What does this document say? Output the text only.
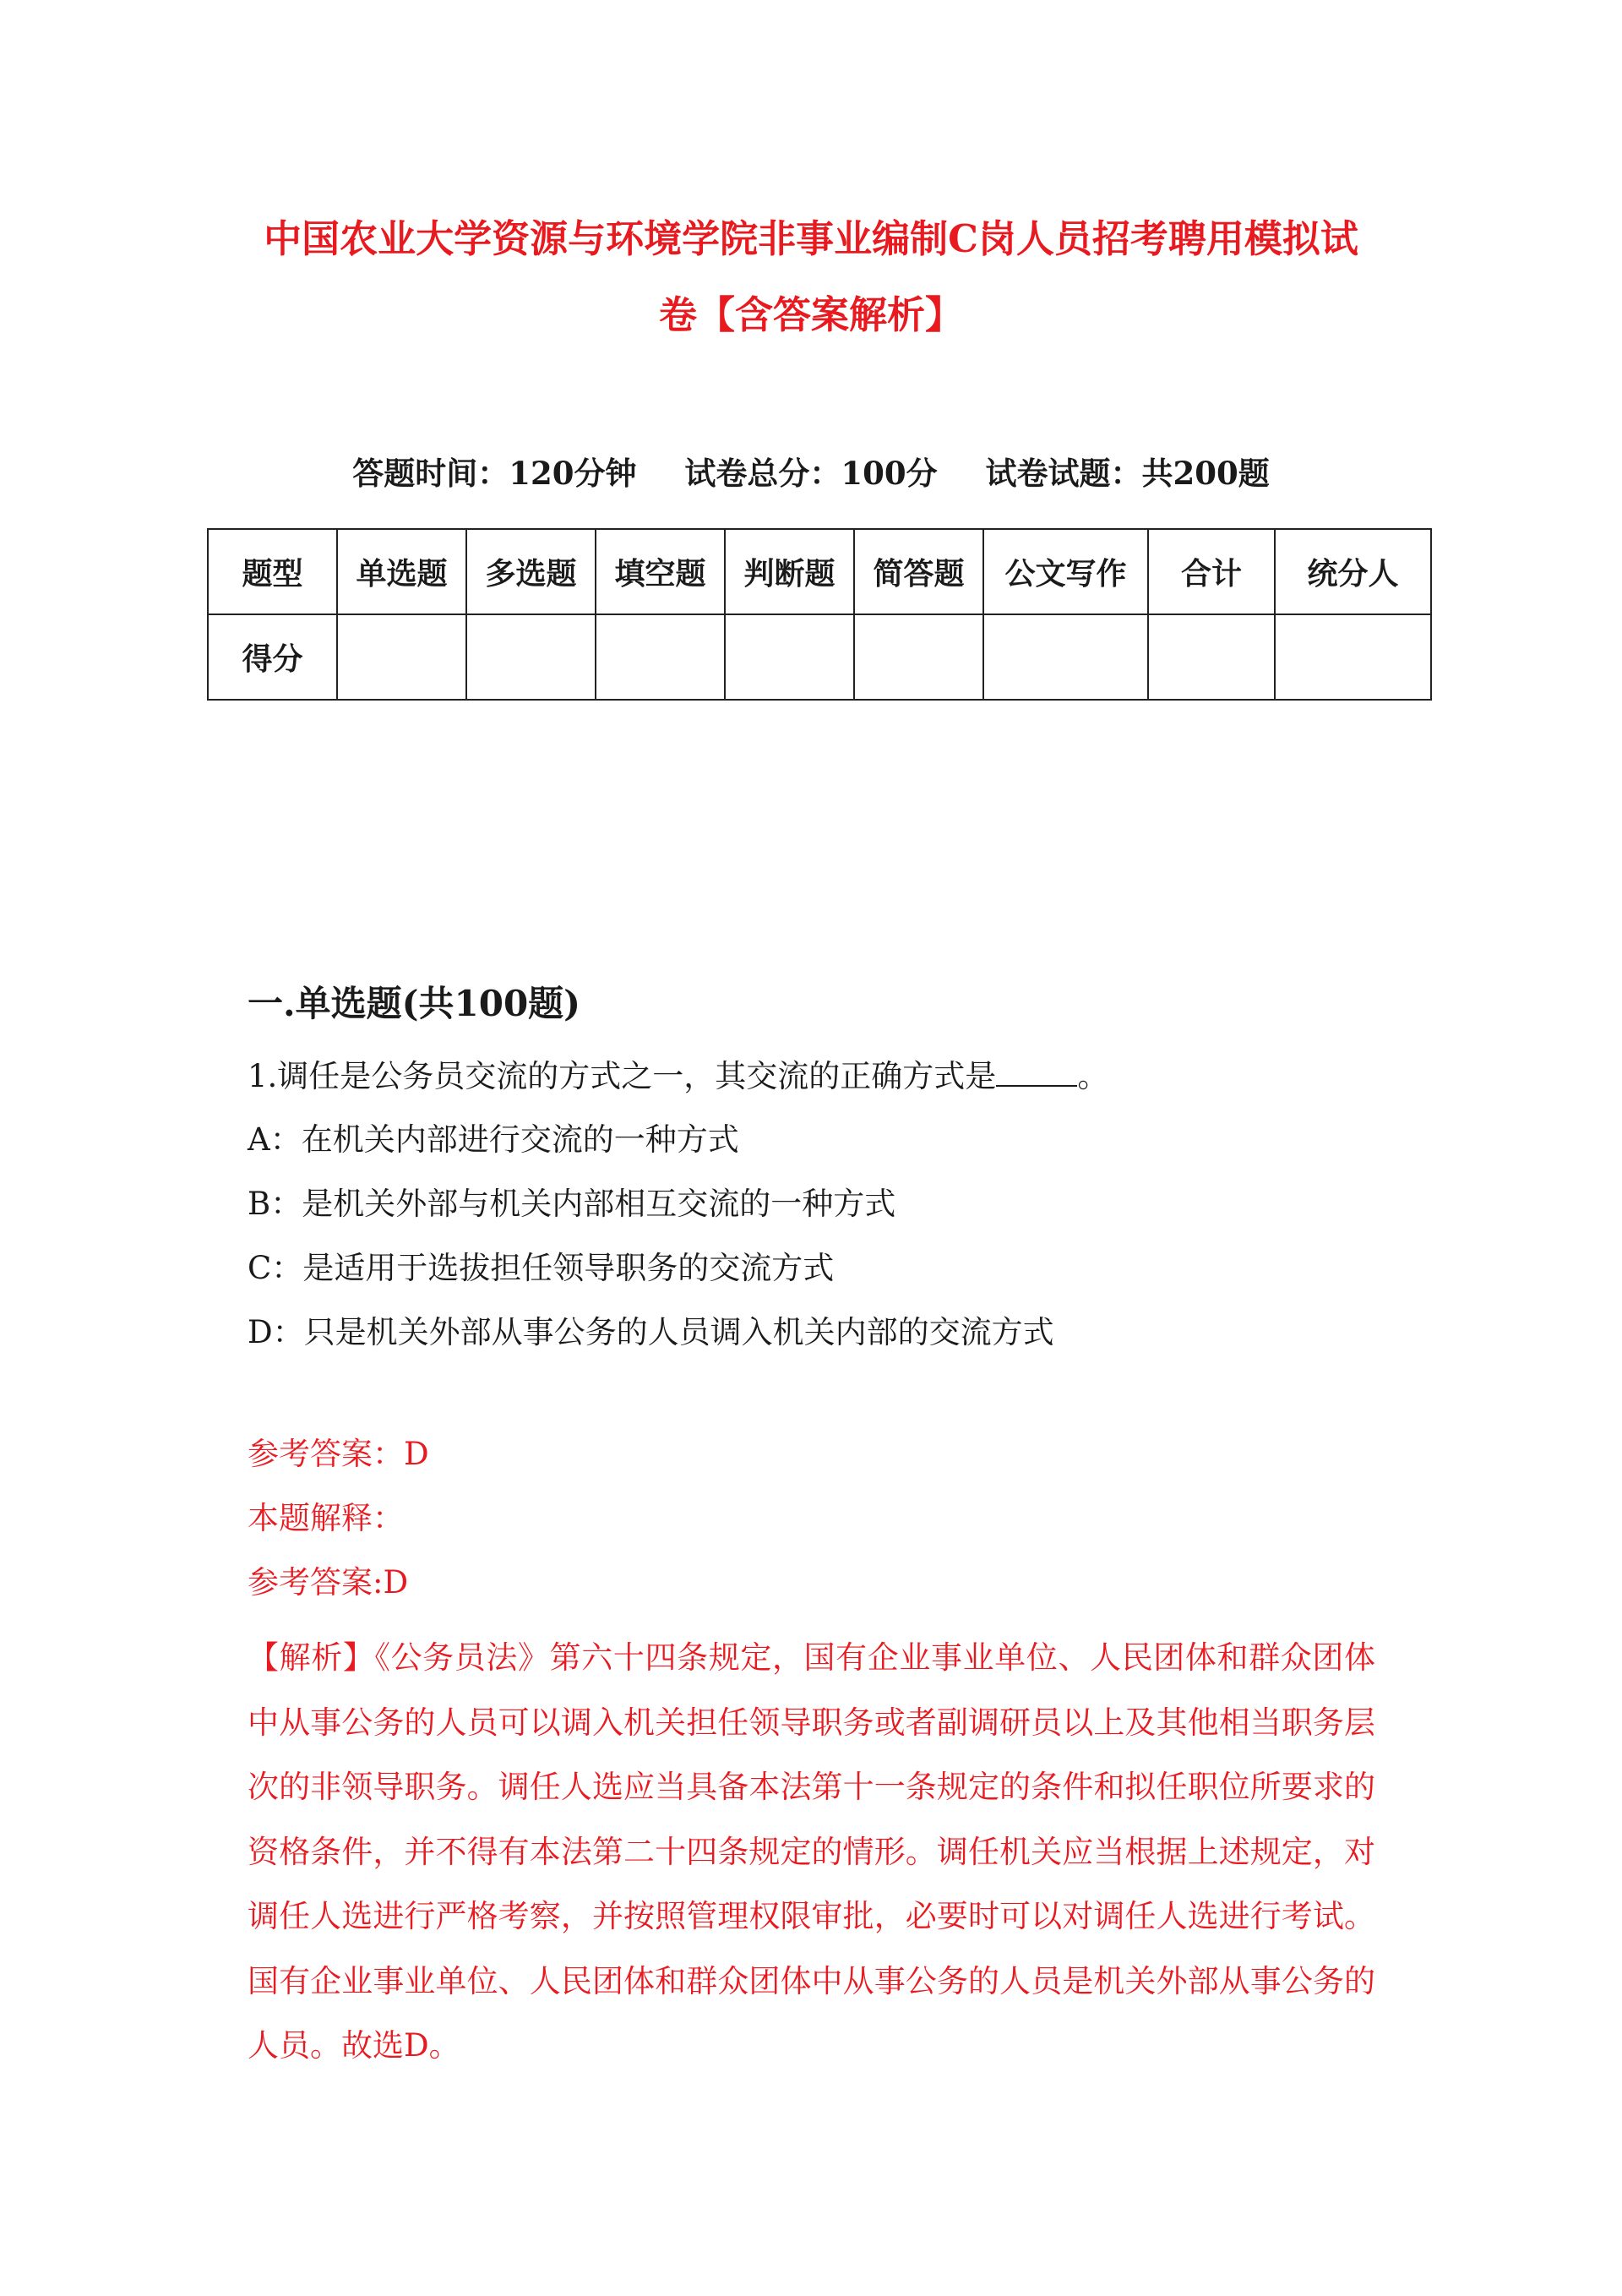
中国农业大学资源与环境学院非事业编制C岗人员招考聘用模拟试
卷【含答案解析】
答题时间：120分钟 试卷总分：100分 试卷试题：共200题
题型	单选题	多选题	填空题	判断题	简答题	公文写作	合计	统分人
得分								
一.单选题(共100题)
1.调任是公务员交流的方式之一，其交流的正确方式是	。
A：在机关内部进行交流的一种方式
B：是机关外部与机关内部相互交流的一种方式
C：是适用于选拔担任领导职务的交流方式
D：只是机关外部从事公务的人员调入机关内部的交流方式
参考答案：D
本题解释：
参考答案:D
【解析】《公务员法》第六十四条规定，国有企业事业单位、人民团体和群众团体中从事公务的人员可以调入机关担任领导职务或者副调研员以上及其他相当职务层次的非领导职务。调任人选应当具备本法第十一条规定的条件和拟任职位所要求的资格条件，并不得有本法第二十四条规定的情形。调任机关应当根据上述规定，对调任人选进行严格考察，并按照管理权限审批，必要时可以对调任人选进行考试。国有企业事业单位、人民团体和群众团体中从事公务的人员是机关外部从事公务的人员。故选D。
